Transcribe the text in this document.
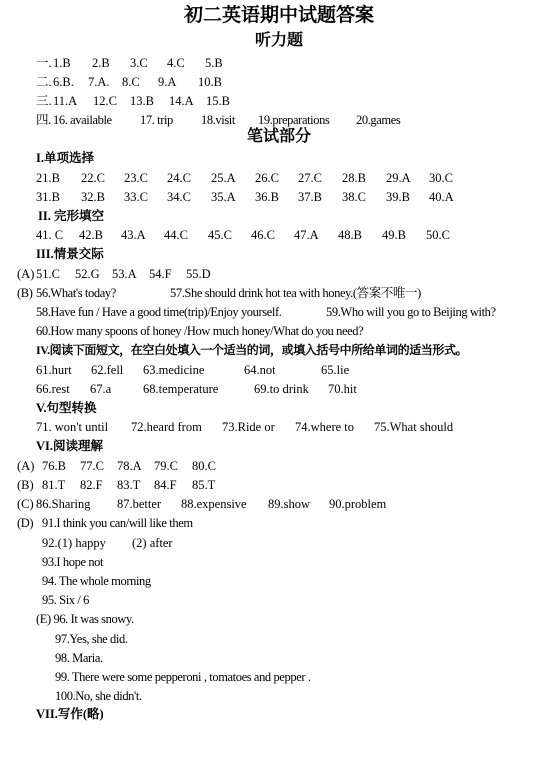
初二英语期中试题答案
听力题
一. 1.B 2.B 3.C 4.C 5.B
二. 6.B. 7.A. 8.C 9.A 10.B
三. 11.A 12.C 13.B 14.A 15.B
四. 16. available 17. trip 18.visit 19.preparations 20.games
笔试部分
I.单项选择
21.B 22.C 23.C 24.C 25.A 26.C 27.C 28.B 29.A 30.C
31.B 32.B 33.C 34.C 35.A 36.B 37.B 38.C 39.B 40.A
II. 完形填空
41. C 42.B 43.A 44.C 45.C 46.C 47.A 48.B 49.B 50.C
III.情景交际
(A) 51.C 52.G 53.A 54.F 55.D
(B) 56.What's today?	57.She should drink hot tea with honey.(答案不唯一)
58.Have fun / Have a good time(trip)/Enjoy yourself.	59.Who will you go to Beijing with?
60.How many spoons of honey /How much honey/What do you need?
IV.阅读下面短文，在空白处填入一个适当的词，或填入括号中所给单词的适当形式。
61.hurt 62.fell 63.medicine	64.not	65.lie
66.rest 67.a	68.temperature	69.to drink 70.hit
V.句型转换
71. won't until 72.heard from 73.Ride or 74.where to 75.What should
VI.阅读理解
(A) 76.B 77.C 78.A 79.C 80.C
(B) 81.T 82.F 83.T 84.F 85.T
(C) 86.Sharing 87.better 88.expensive 89.show 90.problem
(D) 91.I think you can/will like them
92.(1) happy (2) after
93.I hope not
94. The whole morning
95. Six / 6
(E) 96. It was snowy.
97.Yes, she did.
98. Maria.
99. There were some pepperoni , tomatoes and pepper .
100.No, she didn't.
VII.写作(略)
